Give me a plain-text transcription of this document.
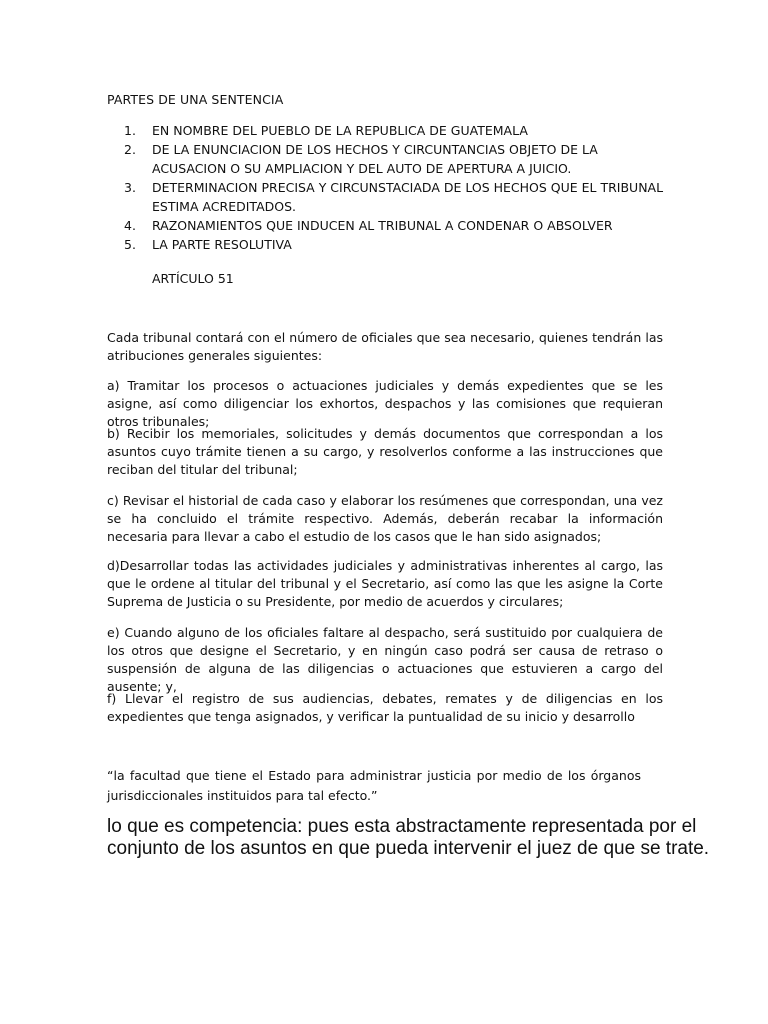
PARTES DE UNA SENTENCIA
1. EN NOMBRE DEL PUEBLO DE LA REPUBLICA DE GUATEMALA
2. DE LA ENUNCIACION DE LOS HECHOS Y CIRCUNTANCIAS OBJETO DE LA ACUSACION O SU AMPLIACION Y DEL AUTO DE APERTURA A JUICIO.
3. DETERMINACION PRECISA Y CIRCUNSTACIADA DE LOS HECHOS QUE EL TRIBUNAL ESTIMA ACREDITADOS.
4. RAZONAMIENTOS QUE INDUCEN AL TRIBUNAL A CONDENAR O ABSOLVER
5. LA PARTE RESOLUTIVA
ARTÍCULO 51

Cada tribunal contará con el número de oficiales que sea necesario, quienes tendrán las atribuciones generales siguientes:

a) Tramitar los procesos o actuaciones judiciales y demás expedientes que se les asigne, así como diligenciar los exhortos, despachos y las comisiones que requieran otros tribunales;

b) Recibir los memoriales, solicitudes y demás documentos que correspondan a los asuntos cuyo trámite tienen a su cargo, y resolverlos conforme a las instrucciones que reciban del titular del tribunal;

c) Revisar el historial de cada caso y elaborar los resúmenes que correspondan, una vez se ha concluido el trámite respectivo. Además, deberán recabar la información necesaria para llevar a cabo el estudio de los casos que le han sido asignados;

d)Desarrollar todas las actividades judiciales y administrativas inherentes al cargo, las que le ordene al titular del tribunal y el Secretario, así como las que les asigne la Corte Suprema de Justicia o su Presidente, por medio de acuerdos y circulares;

e) Cuando alguno de los oficiales faltare al despacho, será sustituido por cualquiera de los otros que designe el Secretario, y en ningún caso podrá ser causa de retraso o suspensión de alguna de las diligencias o actuaciones que estuvieren a cargo del ausente; y,

f) Llevar el registro de sus audiencias, debates, remates y de diligencias en los expedientes que tenga asignados, y verificar la puntualidad de su inicio y desarrollo

“la facultad que tiene el Estado para administrar justicia por medio de los órganos jurisdiccionales instituidos para tal efecto.”

lo que es competencia: pues esta abstractamente representada por el conjunto de los asuntos en que pueda intervenir el juez de que se trate.
